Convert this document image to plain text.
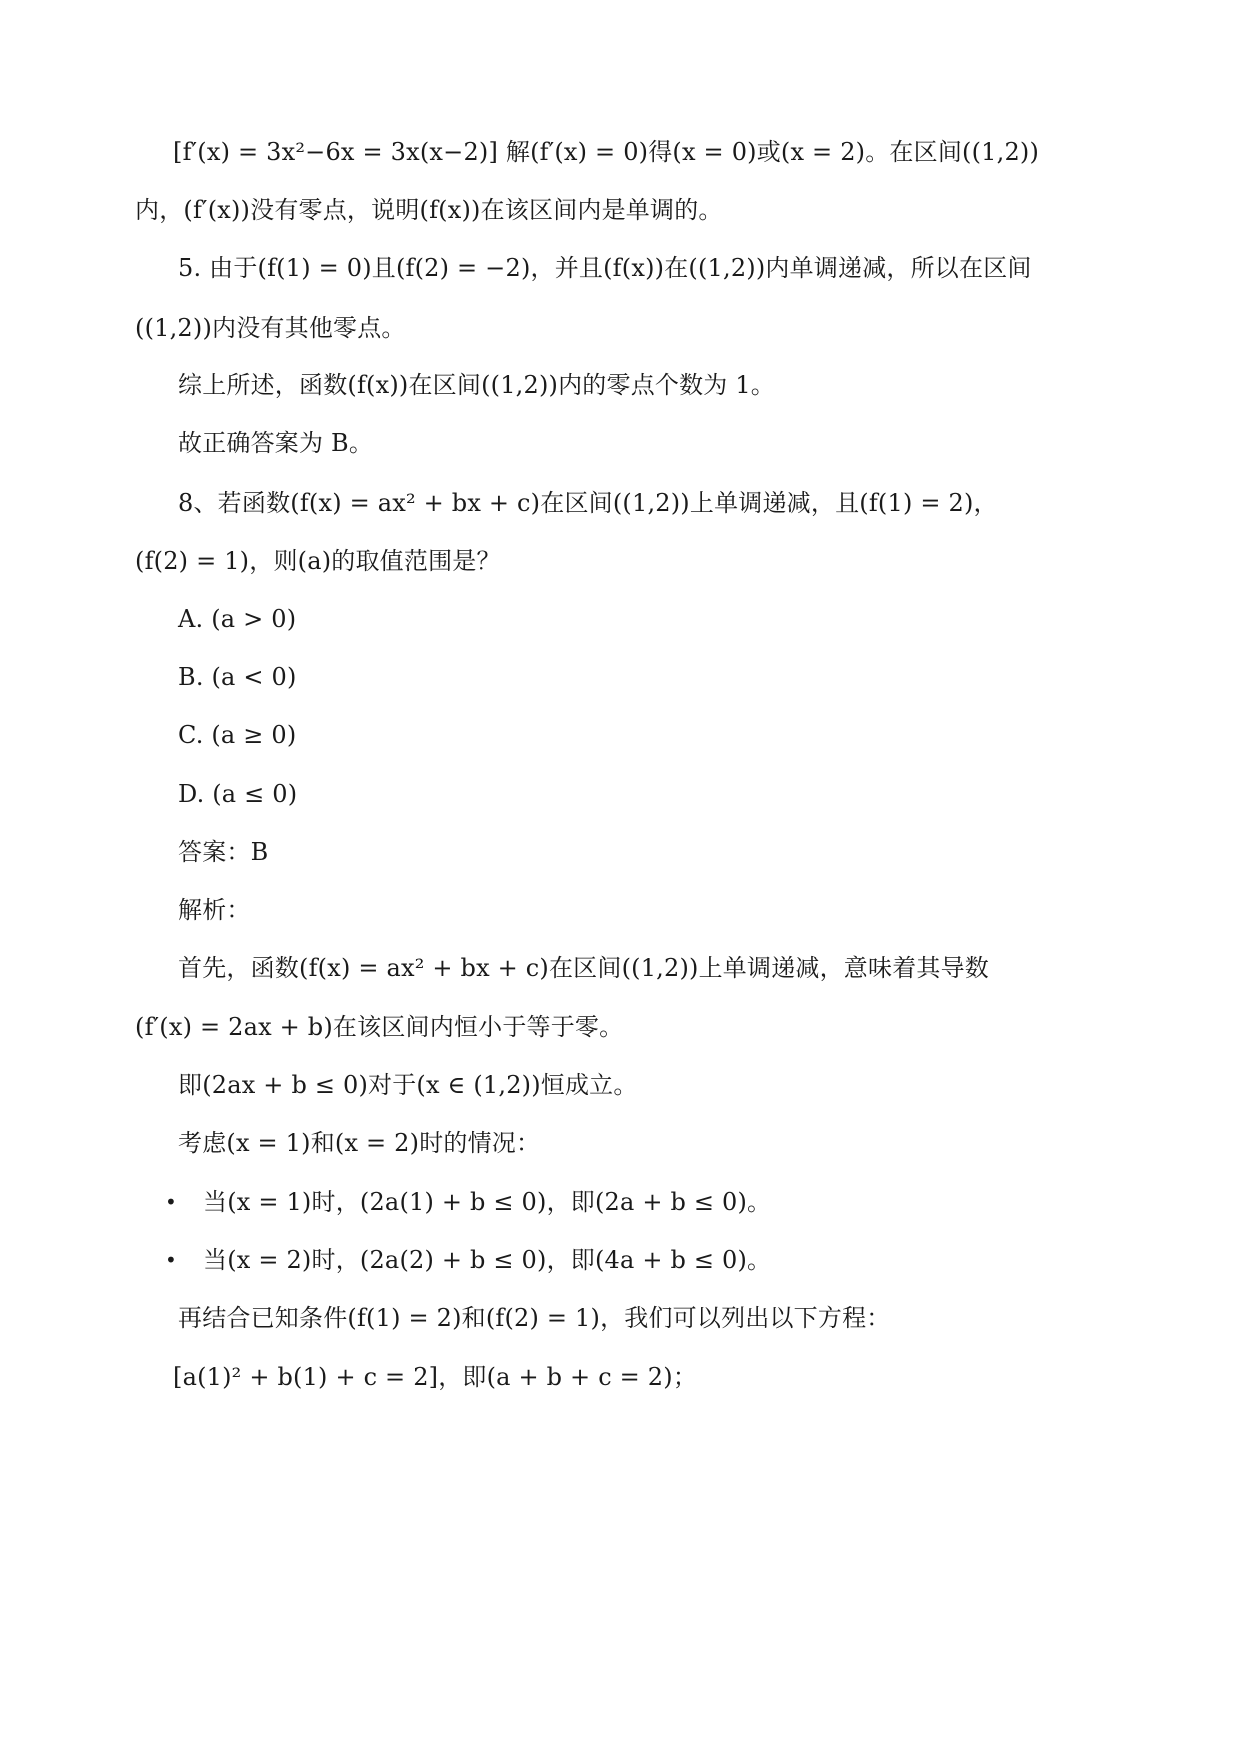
[f′(x) = 3x²−6x = 3x(x−2)] 解(f′(x) = 0)得(x = 0)或(x = 2)。在区间((1,2))
内，(f′(x))没有零点，说明(f(x))在该区间内是单调的。
5. 由于(f(1) = 0)且(f(2) = −2)，并且(f(x))在((1,2))内单调递减，所以在区间
((1,2))内没有其他零点。
综上所述，函数(f(x))在区间((1,2))内的零点个数为 1。
故正确答案为 B。
8、若函数(f(x) = ax² + bx + c)在区间((1,2))上单调递减，且(f(1) = 2)，
(f(2) = 1)，则(a)的取值范围是？
A. (a > 0)
B. (a < 0)
C. (a ≥ 0)
D. (a ≤ 0)
答案：B
解析：
首先，函数(f(x) = ax² + bx + c)在区间((1,2))上单调递减，意味着其导数
(f′(x) = 2ax + b)在该区间内恒小于等于零。
即(2ax + b ≤ 0)对于(x ∈ (1,2))恒成立。
考虑(x = 1)和(x = 2)时的情况：
• 当(x = 1)时，(2a(1) + b ≤ 0)，即(2a + b ≤ 0)。
• 当(x = 2)时，(2a(2) + b ≤ 0)，即(4a + b ≤ 0)。
再结合已知条件(f(1) = 2)和(f(2) = 1)，我们可以列出以下方程：
[a(1)² + b(1) + c = 2]，即(a + b + c = 2)；
